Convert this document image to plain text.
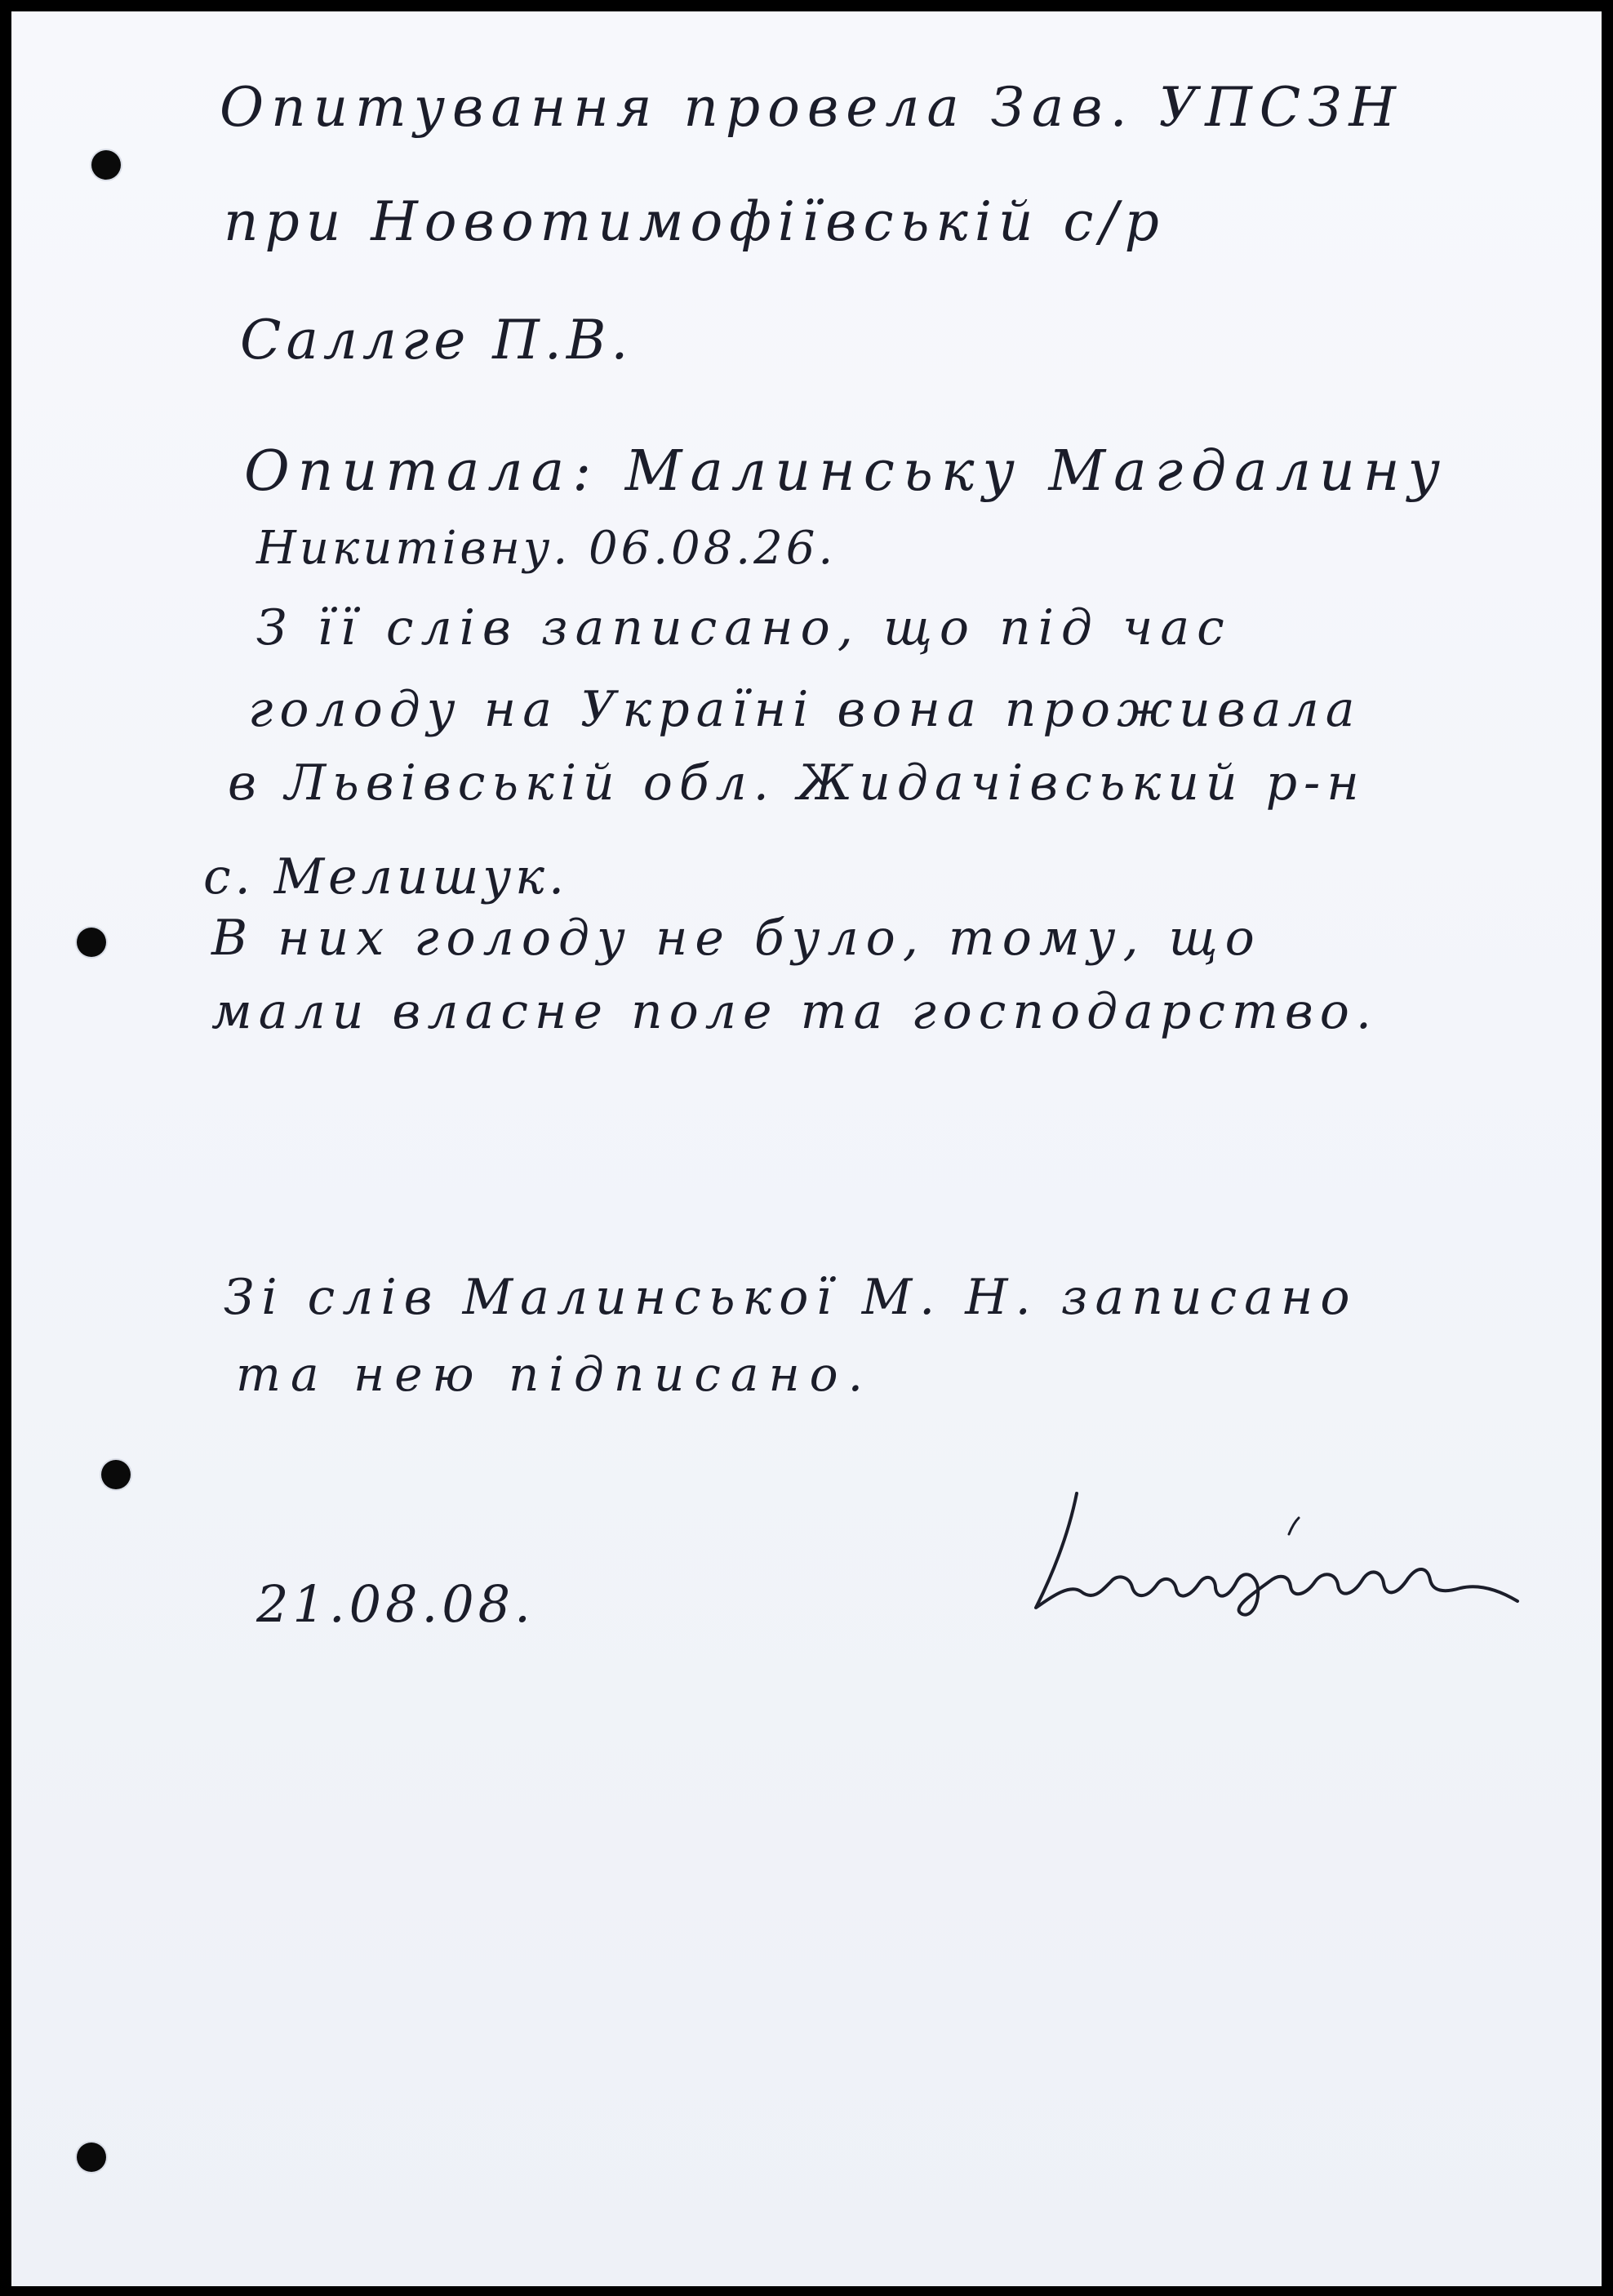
Опитування провела Зав. УПСЗН
при Новотимофіївській с/р
Саллге П.В.
Опитала: Малинську Магдалину
Никитівну. 06.08.26.
З її слів записано, що під час
голоду на Україні вона проживала
в Львівській обл. Жидачівський р-н
с. Мелишук.
В них голоду не було, тому, що
мали власне поле та господарство.
Зі слів Малинської М. Н. записано
та нею підписано.
21.08.08.
